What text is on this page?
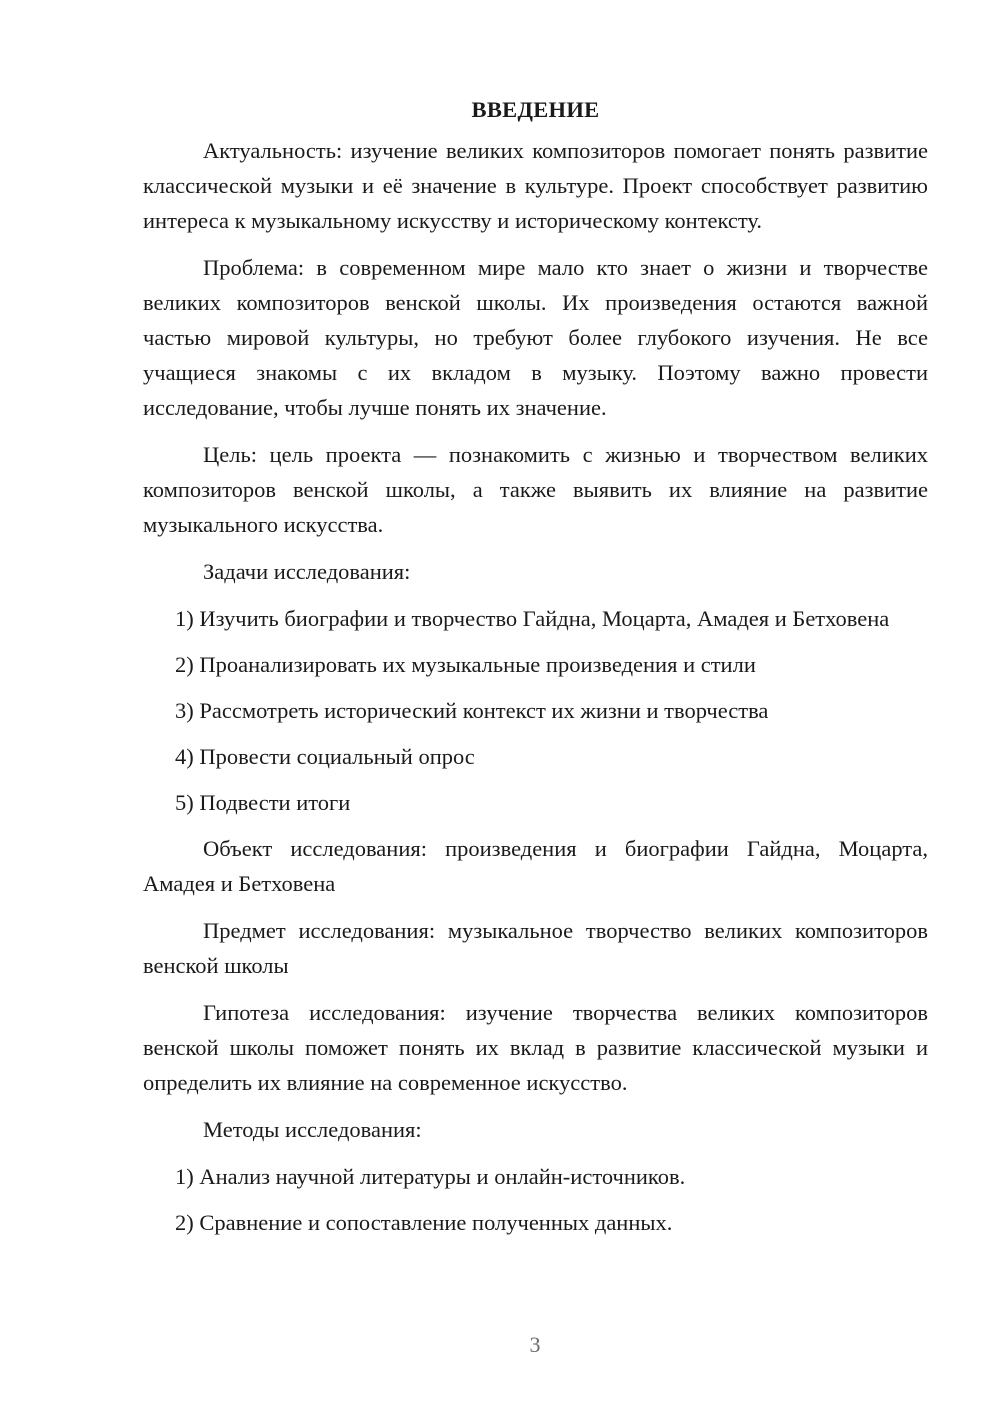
ВВЕДЕНИЕ

Актуальность: изучение великих композиторов помогает понять развитие классической музыки и её значение в культуре. Проект способствует развитию интереса к музыкальному искусству и историческому контексту.

Проблема: в современном мире мало кто знает о жизни и творчестве великих композиторов венской школы. Их произведения остаются важной частью мировой культуры, но требуют более глубокого изучения. Не все учащиеся знакомы с их вкладом в музыку. Поэтому важно провести исследование, чтобы лучше понять их значение.

Цель: цель проекта — познакомить с жизнью и творчеством великих композиторов венской школы, а также выявить их влияние на развитие музыкального искусства.

Задачи исследования:

1) Изучить биографии и творчество Гайдна, Моцарта, Амадея и Бетховена

2) Проанализировать их музыкальные произведения и стили

3) Рассмотреть исторический контекст их жизни и творчества

4) Провести социальный опрос

5) Подвести итоги

Объект исследования: произведения и биографии Гайдна, Моцарта, Амадея и Бетховена

Предмет исследования: музыкальное творчество великих композиторов венской школы

Гипотеза исследования: изучение творчества великих композиторов венской школы поможет понять их вклад в развитие классической музыки и определить их влияние на современное искусство.

Методы исследования:

1) Анализ научной литературы и онлайн-источников.

2) Сравнение и сопоставление полученных данных.

3
